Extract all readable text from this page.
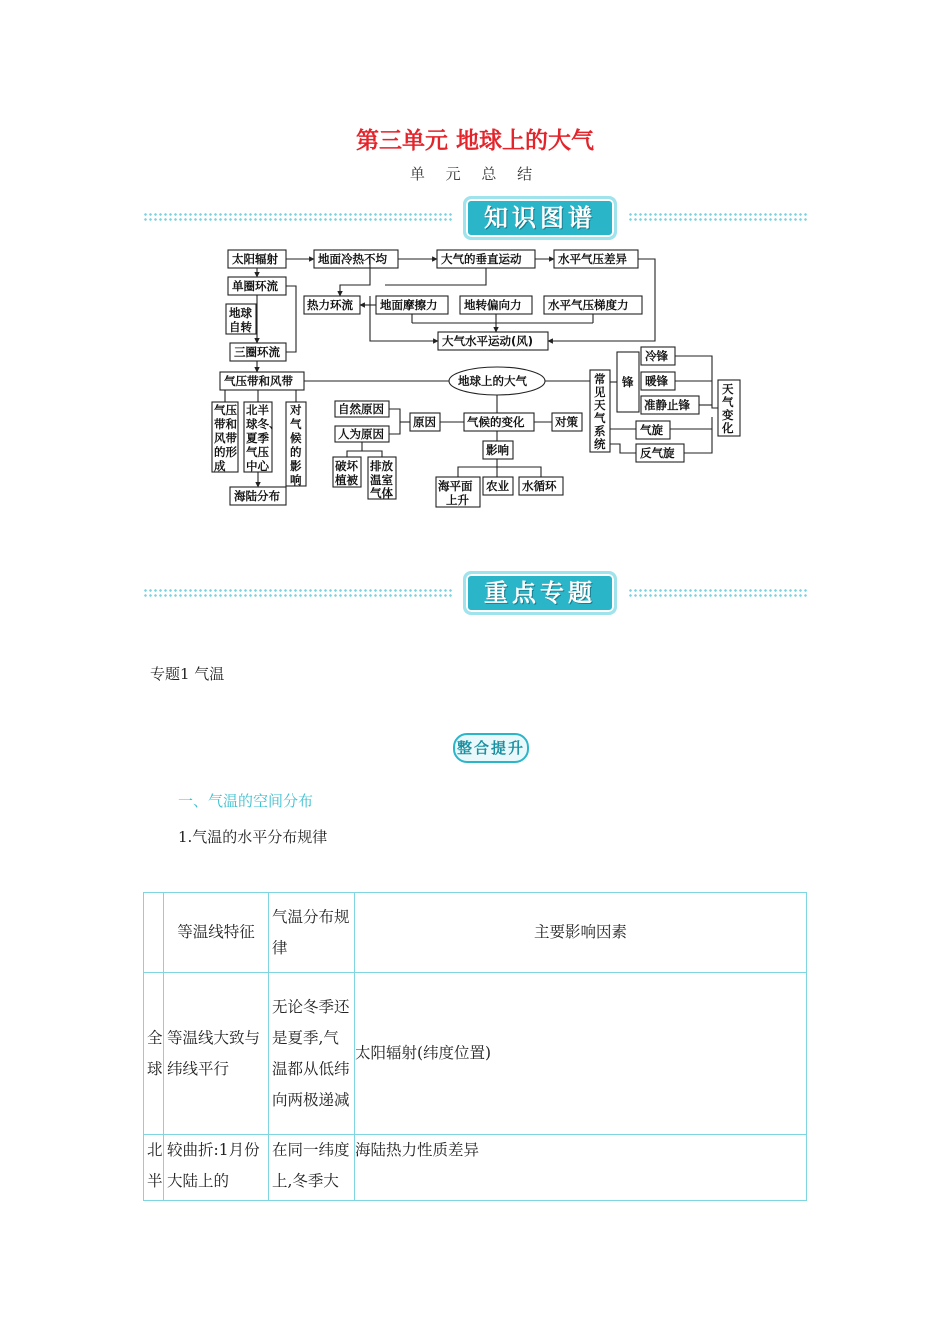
第三单元 地球上的大气
单 元 总 结
知识图谱
太阳辐射	地面冷热不均	大气的垂直运动	水平气压差异
热力环流 地面摩擦力 地转偏向力 水平气压梯度力
大气水平运动(风)
单圈环流
地球
自转
三圈环流
气压带和风带	地球上的大气
气压
带和
风带
的形
成
北半
球冬、
夏季
气压
中心
对
气
候
的
影
响
海陆分布
自然原因
人为原因
原因	气候的变化	对策
影响
破坏
植被
排放
温室
气体	海平面
上升
农业 水循环
常
见
天
气
系
统
锋
冷锋
暖锋
准静止锋
气旋
反气旋
天
气
变
化
重点专题
专题1 气温
整合提升
一、气温的空间分布
1.气温的水平分布规律
	等温线特征	气温分布规律	主要影响因素
全球	等温线大致与纬线平行	无论冬季还是夏季,气温都从低纬向两极递减	太阳辐射(纬度位置)
北半	较曲折:1月份大陆上的	在同一纬度上,冬季大	海陆热力性质差异
